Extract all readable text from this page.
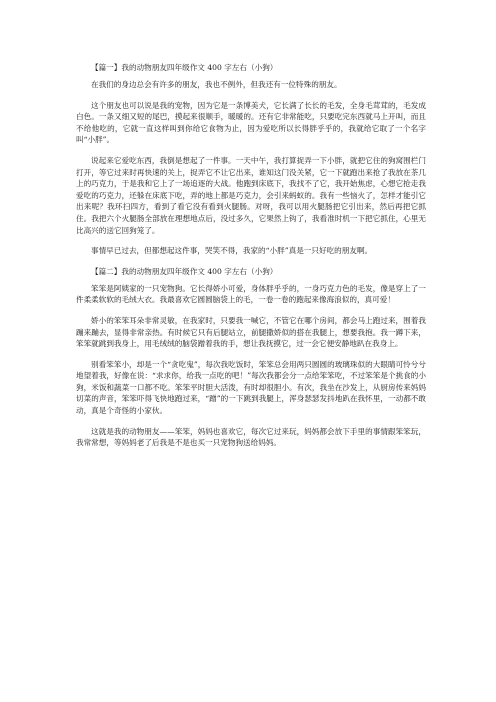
【篇一】我的动物朋友四年级作文 400 字左右（小狗）

在我们的身边总会有许多的朋友，我也不例外，但我还有一位特殊的朋友。

这个朋友也可以说是我的宠物，因为它是一条博美犬，它长满了长长的毛发，全身毛茸茸的，毛发成白色。一条又细又短的尾巴，摸起来很顺手，暖暖的。还有它非常能吃，只要吃完东西就马上开叫，而且不给他吃的，它就一直这样叫到你给它食物为止，因为爱吃所以长得胖乎乎的，我就给它取了一个名字叫“小胖”。

说起来它爱吃东西，我倒是想起了一件事。一天中午，我打算捉弄一下小胖，就把它住的狗窝围栏门打开，等它过来时再快速的关上，捉弄它不让它出来，谁知这门没关紧，它一下就跑出来抢了我放在茶几上的巧克力，于是我和它上了一场追逐的大战。他跑到床底下，我找不了它，我开始焦虑，心想它抢走我爱吃的巧克力，还躲在床底下吃，弄的地上都是巧克力，会引来蚂蚁的。我有一些恼火了，怎样才能引它出来呢？我环扫四方，看到了看它没有看到火腿肠。对呀，我可以用火腿肠把它引出来，然后再把它抓住。我把六个火腿肠全部放在理想地点后，没过多久，它果然上钩了，我看准时机一下把它抓住，心里无比高兴的送它回狗笼了。

事情早已过去，但都想起这件事，哭笑不得，我家的“小胖”真是一只好吃的朋友啊。

【篇二】我的动物朋友四年级作文 400 字左右（小狗）

笨笨是阿姨家的一只宠物狗。它长得娇小可爱，身体胖乎乎的，一身巧克力色的毛发，像是穿上了一件柔柔软软的毛绒大衣。我最喜欢它圆圆脑袋上的毛，一卷一卷的跑起来像海浪似的，真可爱！

娇小的笨笨耳朵非常灵敏，在我家时，只要我一喊它，不管它在哪个房间，都会马上跑过来，围着我蹦来蹦去，显得非常亲热。有时候它只有后腿站立，前腿撒娇似的搭在我腿上，想要我抱。我一蹲下来，笨笨就跳到我身上，用毛绒绒的脑袋蹭着我的手，想让我抚摸它，过一会它便安静地趴在我身上。

别看笨笨小，却是一个“贪吃鬼”，每次我吃饭时，笨笨总会用两只圆圆的玻璃珠似的大眼睛可怜兮兮地望着我，好像在说：“求求你，给我一点吃的吧！”每次我都会分一点给笨笨吃，不过笨笨是个挑食的小狗，米饭和蔬菜一口都不吃。笨笨平时胆大活泼，有时却很胆小。有次，我坐在沙发上，从厨房传来妈妈切菜的声音，笨笨吓得飞快地跑过来，“蹭”的一下跳到我腿上，浑身瑟瑟发抖地趴在我怀里，一动都不敢动，真是个奇怪的小家伙。

这就是我的动物朋友——笨笨，妈妈也喜欢它，每次它过来玩，妈妈都会放下手里的事情跟笨笨玩，我常常想，等妈妈老了后我是不是也买一只宠物狗送给妈妈。
